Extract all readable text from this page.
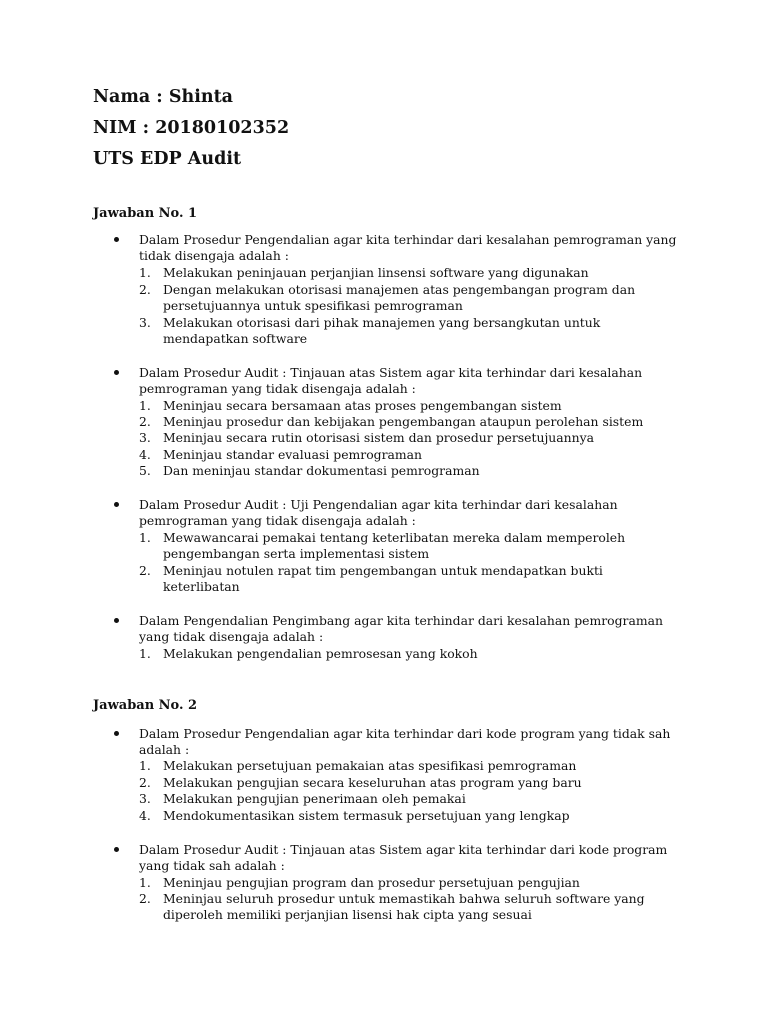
Nama : Shinta
NIM : 20180102352
UTS EDP Audit
Jawaban No. 1
Dalam Prosedur Pengendalian agar kita terhindar dari kesalahan pemrograman yang
tidak disengaja adalah :
1. Melakukan peninjauan perjanjian linsensi software yang digunakan
2. Dengan melakukan otorisasi manajemen atas pengembangan program dan
persetujuannya untuk spesifikasi pemrograman
3. Melakukan otorisasi dari pihak manajemen yang bersangkutan untuk
mendapatkan software
Dalam Prosedur Audit : Tinjauan atas Sistem agar kita terhindar dari kesalahan
pemrograman yang tidak disengaja adalah :
1. Meninjau secara bersamaan atas proses pengembangan sistem
2. Meninjau prosedur dan kebijakan pengembangan ataupun perolehan sistem
3. Meninjau secara rutin otorisasi sistem dan prosedur persetujuannya
4. Meninjau standar evaluasi pemrograman
5. Dan meninjau standar dokumentasi pemrograman
Dalam Prosedur Audit : Uji Pengendalian agar kita terhindar dari kesalahan
pemrograman yang tidak disengaja adalah :
1. Mewawancarai pemakai tentang keterlibatan mereka dalam memperoleh
pengembangan serta implementasi sistem
2. Meninjau notulen rapat tim pengembangan untuk mendapatkan bukti
keterlibatan
Dalam Pengendalian Pengimbang agar kita terhindar dari kesalahan pemrograman
yang tidak disengaja adalah :
1. Melakukan pengendalian pemrosesan yang kokoh
Jawaban No. 2
Dalam Prosedur Pengendalian agar kita terhindar dari kode program yang tidak sah
adalah :
1. Melakukan persetujuan pemakaian atas spesifikasi pemrograman
2. Melakukan pengujian secara keseluruhan atas program yang baru
3. Melakukan pengujian penerimaan oleh pemakai
4. Mendokumentasikan sistem termasuk persetujuan yang lengkap
Dalam Prosedur Audit : Tinjauan atas Sistem agar kita terhindar dari kode program
yang tidak sah adalah :
1. Meninjau pengujian program dan prosedur persetujuan pengujian
2. Meninjau seluruh prosedur untuk memastikah bahwa seluruh software yang
diperoleh memiliki perjanjian lisensi hak cipta yang sesuai
